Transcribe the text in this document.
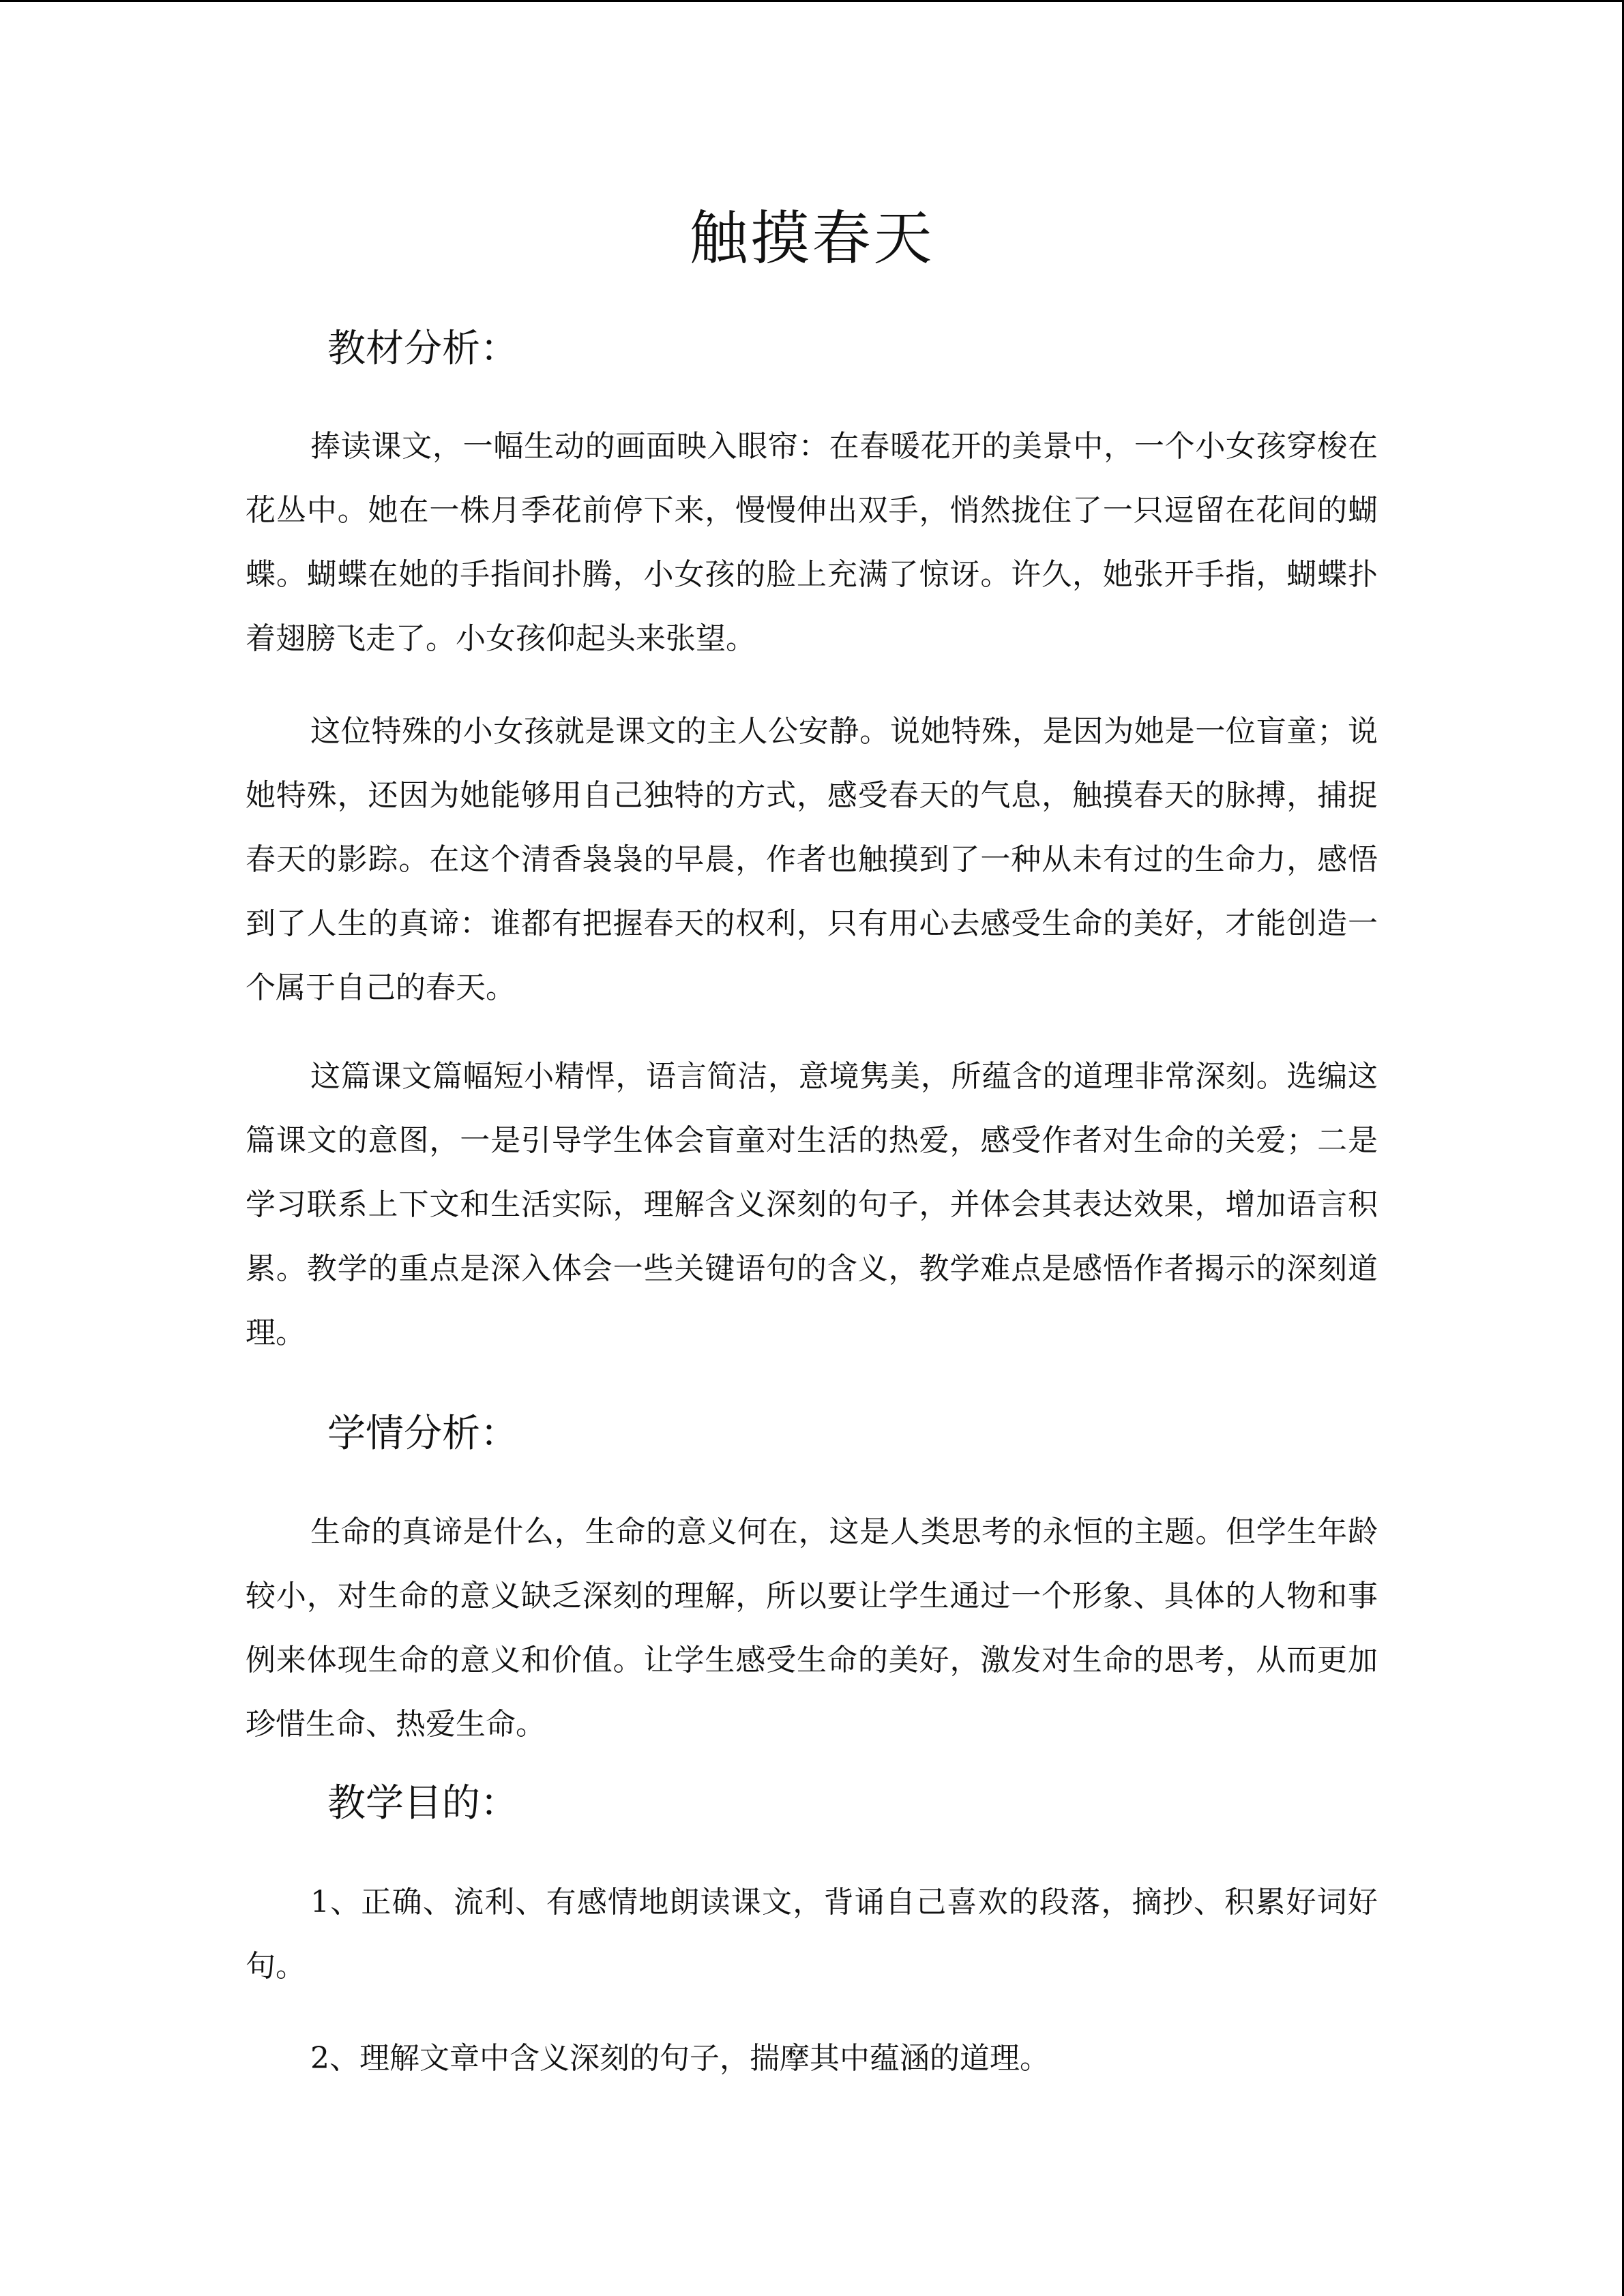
触摸春天
教材分析：

捧读课文，一幅生动的画面映入眼帘：在春暖花开的美景中，一个小女孩穿梭在花丛中。她在一株月季花前停下来，慢慢伸出双手，悄然拢住了一只逗留在花间的蝴蝶。蝴蝶在她的手指间扑腾，小女孩的脸上充满了惊讶。许久，她张开手指，蝴蝶扑着翅膀飞走了。小女孩仰起头来张望。

这位特殊的小女孩就是课文的主人公安静。说她特殊，是因为她是一位盲童；说她特殊，还因为她能够用自己独特的方式，感受春天的气息，触摸春天的脉搏，捕捉春天的影踪。在这个清香袅袅的早晨，作者也触摸到了一种从未有过的生命力，感悟到了人生的真谛：谁都有把握春天的权利，只有用心去感受生命的美好，才能创造一个属于自己的春天。

这篇课文篇幅短小精悍，语言简洁，意境隽美，所蕴含的道理非常深刻。选编这篇课文的意图，一是引导学生体会盲童对生活的热爱，感受作者对生命的关爱；二是学习联系上下文和生活实际，理解含义深刻的句子，并体会其表达效果，增加语言积累。教学的重点是深入体会一些关键语句的含义，教学难点是感悟作者揭示的深刻道理。

学情分析：

生命的真谛是什么，生命的意义何在，这是人类思考的永恒的主题。但学生年龄较小，对生命的意义缺乏深刻的理解，所以要让学生通过一个形象、具体的人物和事例来体现生命的意义和价值。让学生感受生命的美好，激发对生命的思考，从而更加珍惜生命、热爱生命。

教学目的：

1、正确、流利、有感情地朗读课文，背诵自己喜欢的段落，摘抄、积累好词好句。

2、理解文章中含义深刻的句子，揣摩其中蕴涵的道理。
